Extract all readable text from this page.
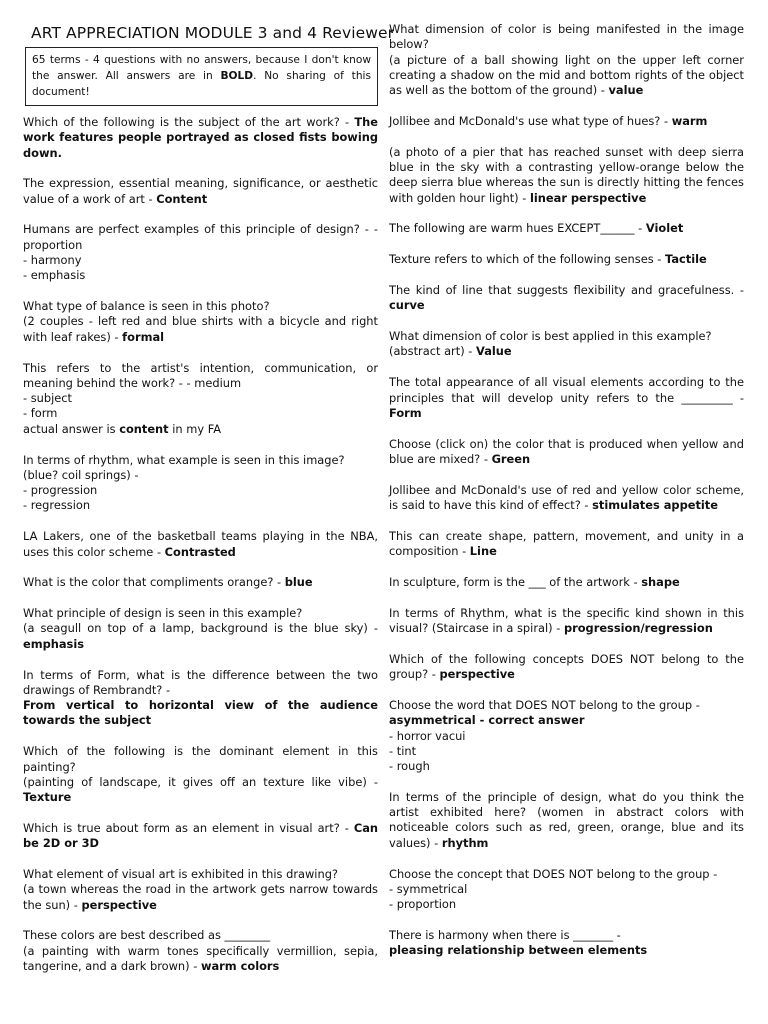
ART APPRECIATION MODULE 3 and 4 Reviewer
65 terms - 4 questions with no answers, because I don't know the answer. All answers are in BOLD. No sharing of this document!
Which of the following is the subject of the art work? - The work features people portrayed as closed fists bowing down.
The expression, essential meaning, significance, or aesthetic value of a work of art - Content
Humans are perfect examples of this principle of design? - - proportion
- harmony
- emphasis
What type of balance is seen in this photo?
(2 couples - left red and blue shirts with a bicycle and right with leaf rakes) - formal
This refers to the artist's intention, communication, or meaning behind the work? - - medium
- subject
- form
actual answer is content in my FA
In terms of rhythm, what example is seen in this image?
(blue? coil springs) -
- progression
- regression
LA Lakers, one of the basketball teams playing in the NBA, uses this color scheme - Contrasted
What is the color that compliments orange? - blue
What principle of design is seen in this example?
(a seagull on top of a lamp, background is the blue sky) - emphasis
In terms of Form, what is the difference between the two drawings of Rembrandt? -
From vertical to horizontal view of the audience towards the subject
Which of the following is the dominant element in this painting?
(painting of landscape, it gives off an texture like vibe) - Texture
Which is true about form as an element in visual art? - Can be 2D or 3D
What element of visual art is exhibited in this drawing?
(a town whereas the road in the artwork gets narrow towards the sun) - perspective
These colors are best described as ________
(a painting with warm tones specifically vermillion, sepia, tangerine, and a dark brown) - warm colors
What dimension of color is being manifested in the image below?
(a picture of a ball showing light on the upper left corner creating a shadow on the mid and bottom rights of the object as well as the bottom of the ground) - value
Jollibee and McDonald's use what type of hues? - warm
(a photo of a pier that has reached sunset with deep sierra blue in the sky with a contrasting yellow-orange below the deep sierra blue whereas the sun is directly hitting the fences with golden hour light) - linear perspective
The following are warm hues EXCEPT______ - Violet
Texture refers to which of the following senses - Tactile
The kind of line that suggests flexibility and gracefulness. - curve
What dimension of color is best applied in this example?
(abstract art) - Value
The total appearance of all visual elements according to the principles that will develop unity refers to the _________ - Form
Choose (click on) the color that is produced when yellow and blue are mixed? - Green
Jollibee and McDonald's use of red and yellow color scheme, is said to have this kind of effect? - stimulates appetite
This can create shape, pattern, movement, and unity in a composition - Line
In sculpture, form is the ___ of the artwork - shape
In terms of Rhythm, what is the specific kind shown in this visual? (Staircase in a spiral) - progression/regression
Which of the following concepts DOES NOT belong to the group? - perspective
Choose the word that DOES NOT belong to the group -
asymmetrical - correct answer
- horror vacui
- tint
- rough
In terms of the principle of design, what do you think the artist exhibited here? (women in abstract colors with noticeable colors such as red, green, orange, blue and its values) - rhythm
Choose the concept that DOES NOT belong to the group -
- symmetrical
- proportion
There is harmony when there is _______ -
pleasing relationship between elements
